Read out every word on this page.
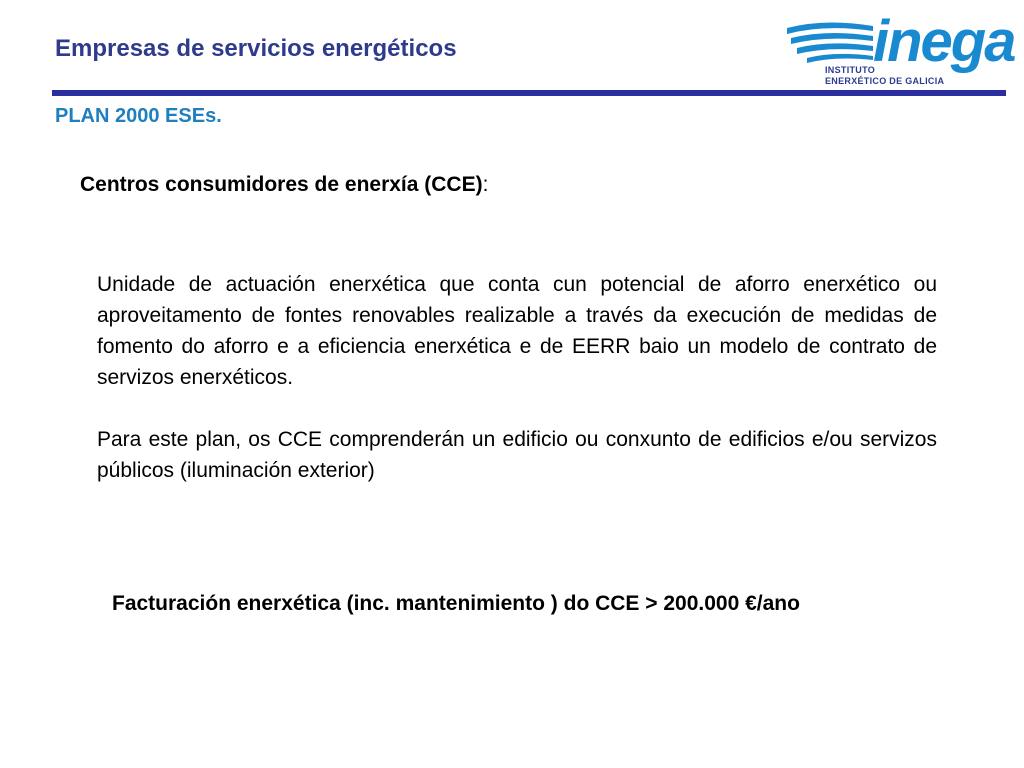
Empresas de servicios energéticos	inega
INSTITUTO
ENERXÉTICO DE GALICIA
PLAN 2000 ESEs.
Centros consumidores de enerxía (CCE):

Unidade de actuación enerxética que conta cun potencial de aforro enerxético ou aproveitamento de fontes renovables realizable a través da execución de medidas de fomento do aforro e a eficiencia enerxética e de EERR baio un modelo de contrato de servizos enerxéticos.

Para este plan, os CCE comprenderán un edificio ou conxunto de edificios e/ou servizos públicos (iluminación exterior)

Facturación enerxética (inc. mantenimiento ) do CCE > 200.000 €/ano
